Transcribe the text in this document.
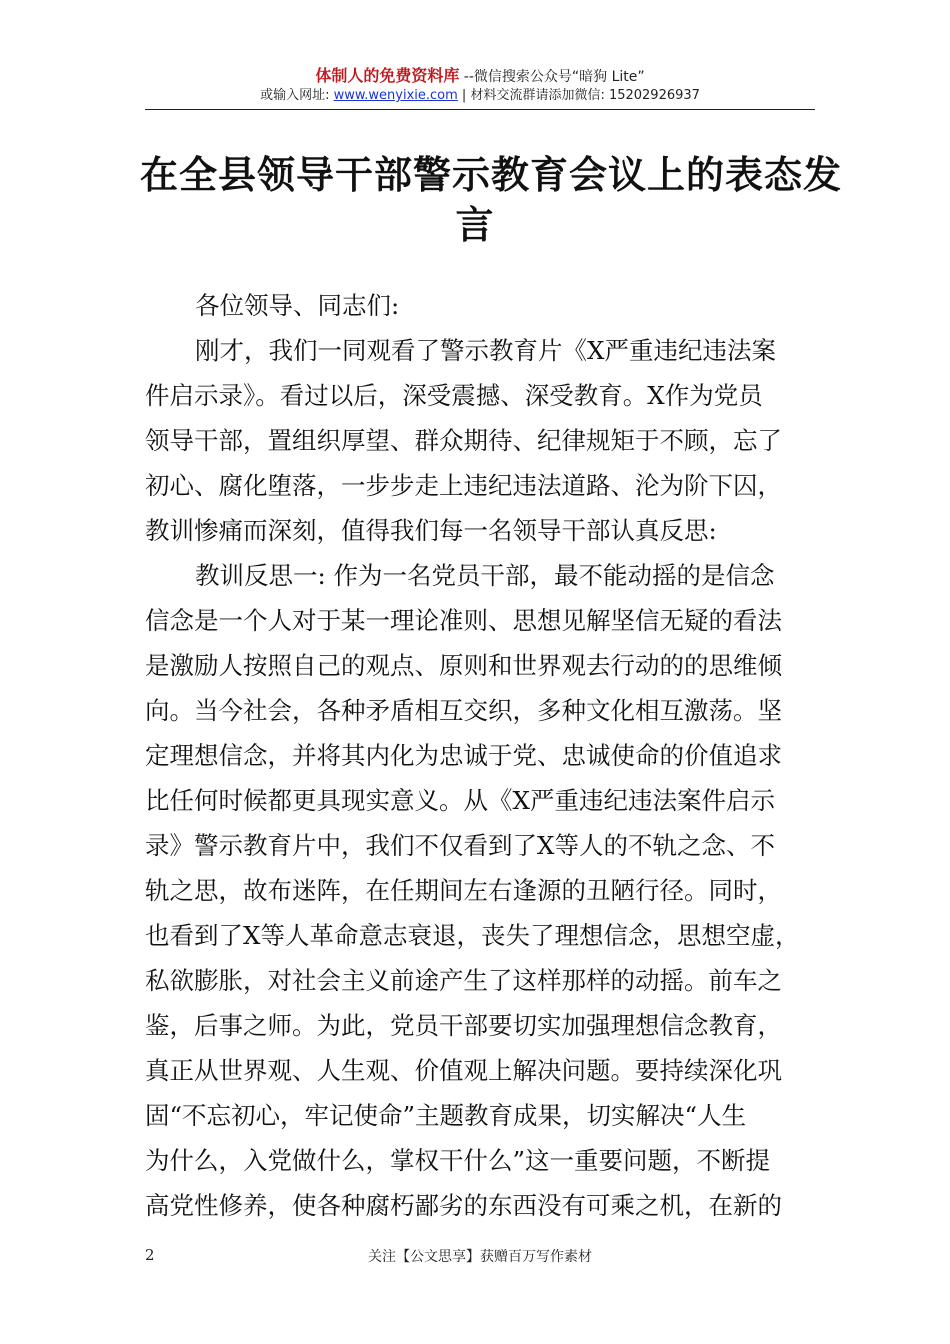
体制人的免费资料库 --微信搜索公众号“暗狗 Lite”
或输入网址: www.wenyixie.com | 材料交流群请添加微信: 15202926937
在全县领导干部警示教育会议上的表态发
言
各位领导、同志们:
刚才，我们一同观看了警示教育片《X严重违纪违法案
件启示录》。看过以后，深受震撼、深受教育。X作为党员
领导干部，置组织厚望、群众期待、纪律规矩于不顾，忘了
初心、腐化堕落，一步步走上违纪违法道路、沦为阶下囚，
教训惨痛而深刻，值得我们每一名领导干部认真反思:
教训反思一: 作为一名党员干部，最不能动摇的是信念
信念是一个人对于某一理论准则、思想见解坚信无疑的看法
是激励人按照自己的观点、原则和世界观去行动的的思维倾
向。当今社会，各种矛盾相互交织，多种文化相互激荡。坚
定理想信念，并将其内化为忠诚于党、忠诚使命的价值追求
比任何时候都更具现实意义。从《X严重违纪违法案件启示
录》警示教育片中，我们不仅看到了X等人的不轨之念、不
轨之思，故布迷阵，在任期间左右逢源的丑陋行径。同时，
也看到了X等人革命意志衰退，丧失了理想信念，思想空虚，
私欲膨胀，对社会主义前途产生了这样那样的动摇。前车之
鉴，后事之师。为此，党员干部要切实加强理想信念教育，
真正从世界观、人生观、价值观上解决问题。要持续深化巩
固“不忘初心，牢记使命”主题教育成果，切实解决“人生
为什么，入党做什么，掌权干什么”这一重要问题，不断提
高党性修养，使各种腐朽鄙劣的东西没有可乘之机，在新的
2	关注【公文思享】获赠百万写作素材
